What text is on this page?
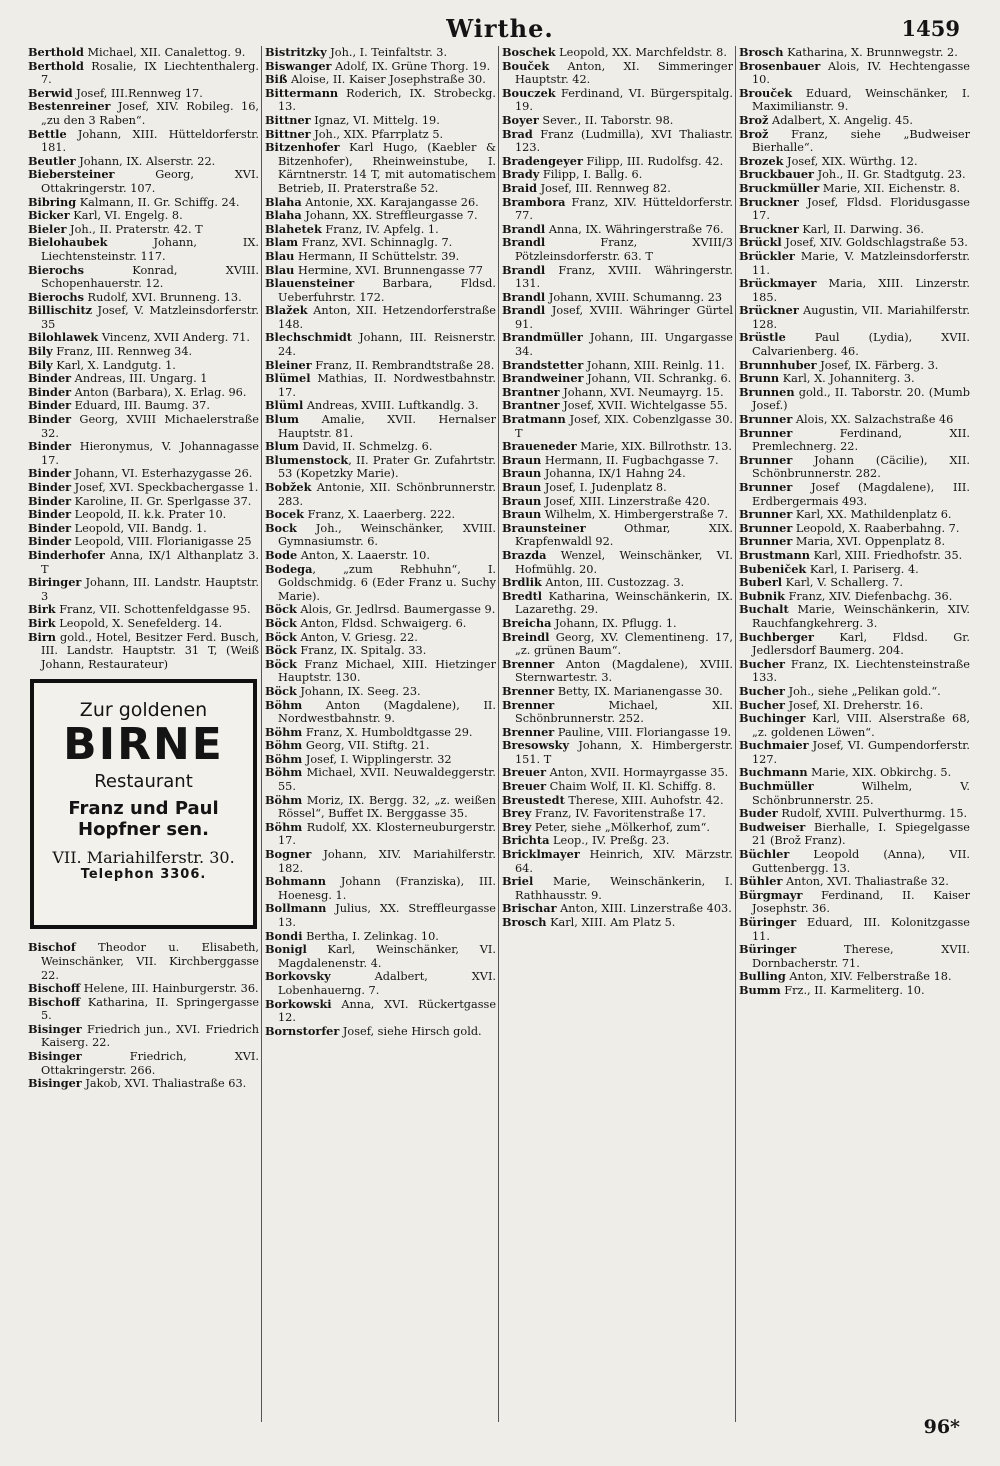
Wirthe.	1459

Berthold Michael, XII. Canalettog. 9.

Berthold Rosalie, IX Liechtenthalerg. 7.

Berwid Josef, III.Rennweg 17.

Bestenreiner Josef, XIV. Robileg. 16, „zu den 3 Raben“.

Bettle Johann, XIII. Hütteldorferstr. 181.

Beutler Johann, IX. Alserstr. 22.

Biebersteiner Georg, XVI. Ottakringerstr. 107.

Bibring Kalmann, II. Gr. Schiffg. 24.

Bicker Karl, VI. Engelg. 8.

Bieler Joh., II. Praterstr. 42. T

Bielohaubek Johann, IX. Liechtensteinstr. 117.

Bierochs Konrad, XVIII. Schopenhauerstr. 12.

Bierochs Rudolf, XVI. Brunneng. 13.

Billischitz Josef, V. Matzleinsdorferstr. 35

Bilohlawek Vincenz, XVII Anderg. 71.

Bily Franz, III. Rennweg 34.

Bily Karl, X. Landgutg. 1.

Binder Andreas, III. Ungarg. 1

Binder Anton (Barbara), X. Erlag. 96.

Binder Eduard, III. Baumg. 37.

Binder Georg, XVIII Michaelerstraße 32.

Binder Hieronymus, V. Johannagasse 17.

Binder Johann, VI. Esterhazygasse 26.

Binder Josef, XVI. Speckbachergasse 1.

Binder Karoline, II. Gr. Sperlgasse 37.

Binder Leopold, II. k.k. Prater 10.

Binder Leopold, VII. Bandg. 1.

Binder Leopold, VIII. Florianigasse 25

Binderhofer Anna, IX/1 Althanplatz 3. T

Biringer Johann, III. Landstr. Hauptstr. 3

Birk Franz, VII. Schottenfeldgasse 95.

Birk Leopold, X. Senefelderg. 14.

Birn gold., Hotel, Besitzer Ferd. Busch, III. Landstr. Hauptstr. 31 T, (Weiß Johann, Restaurateur)

Zur goldenen
BIRNE
Restaurant
Franz und Paul
Hopfner sen.
VII. Mariahilferstr. 30.
Telephon 3306.

Bischof Theodor u. Elisabeth, Weinschänker, VII. Kirchberggasse 22.

Bischoff Helene, III. Hainburgerstr. 36.

Bischoff Katharina, II. Springergasse 5.

Bisinger Friedrich jun., XVI. Friedrich Kaiserg. 22.

Bisinger Friedrich, XVI. Ottakringerstr. 266.

Bisinger Jakob, XVI. Thaliastraße 63.

Bistritzky Joh., I. Teinfaltstr. 3.

Biswanger Adolf, IX. Grüne Thorg. 19.

Biß Aloise, II. Kaiser Josephstraße 30.

Bittermann Roderich, IX. Strobeckg. 13.

Bittner Ignaz, VI. Mittelg. 19.

Bittner Joh., XIX. Pfarrplatz 5.

Bitzenhofer Karl Hugo, (Kaebler & Bitzenhofer), Rheinweinstube, I. Kärntnerstr. 14 T, mit automatischem Betrieb, II. Praterstraße 52.

Blaha Antonie, XX. Karajangasse 26.

Blaha Johann, XX. Streffleurgasse 7.

Blahetek Franz, IV. Apfelg. 1.

Blam Franz, XVI. Schinnaglg. 7.

Blau Hermann, II Schüttelstr. 39.

Blau Hermine, XVI. Brunnengasse 77

Blauensteiner Barbara, Fldsd. Ueberfuhrstr. 172.

Blažek Anton, XII. Hetzendorferstraße 148.

Blechschmidt Johann, III. Reisnerstr. 24.

Bleiner Franz, II. Rembrandtstraße 28.

Blümel Mathias, II. Nordwestbahnstr. 17.

Blüml Andreas, XVIII. Luftkandlg. 3.

Blum Amalie, XVII. Hernalser Hauptstr. 81.

Blum David, II. Schmelzg. 6.

Blumenstock, II. Prater Gr. Zufahrtstr. 53 (Kopetzky Marie).

Bobžek Antonie, XII. Schönbrunnerstr. 283.

Bocek Franz, X. Laaerberg. 222.

Bock Joh., Weinschänker, XVIII. Gymnasiumstr. 6.

Bode Anton, X. Laaerstr. 10.

Bodega, „zum Rebhuhn“, I. Goldschmidg. 6 (Eder Franz u. Suchy Marie).

Böck Alois, Gr. Jedlrsd. Baumergasse 9.

Böck Anton, Fldsd. Schwaigerg. 6.

Böck Anton, V. Griesg. 22.

Böck Franz, IX. Spitalg. 33.

Böck Franz Michael, XIII. Hietzinger Hauptstr. 130.

Böck Johann, IX. Seeg. 23.

Böhm Anton (Magdalene), II. Nordwestbahnstr. 9.

Böhm Franz, X. Humboldtgasse 29.

Böhm Georg, VII. Stiftg. 21.

Böhm Josef, I. Wipplingerstr. 32

Böhm Michael, XVII. Neuwaldeggerstr. 55.

Böhm Moriz, IX. Bergg. 32, „z. weißen Rössel“, Buffet IX. Berggasse 35.

Böhm Rudolf, XX. Klosterneuburgerstr. 17.

Bogner Johann, XIV. Mariahilferstr. 182.

Bohmann Johann (Franziska), III. Hoenesg. 1.

Bollmann Julius, XX. Streffleurgasse 13.

Bondi Bertha, I. Zelinkag. 10.

Bonigl Karl, Weinschänker, VI. Magdalenenstr. 4.

Borkovsky Adalbert, XVI. Lobenhauerng. 7.

Borkowski Anna, XVI. Rückertgasse 12.

Bornstorfer Josef, siehe Hirsch gold.

Boschek Leopold, XX. Marchfeldstr. 8.

Bouček Anton, XI. Simmeringer Hauptstr. 42.

Bouczek Ferdinand, VI. Bürgerspitalg. 19.

Boyer Sever., II. Taborstr. 98.

Brad Franz (Ludmilla), XVI Thaliastr. 123.

Bradengeyer Filipp, III. Rudolfsg. 42.

Brady Filipp, I. Ballg. 6.

Braid Josef, III. Rennweg 82.

Brambora Franz, XIV. Hütteldorferstr. 77.

Brandl Anna, IX. Währingerstraße 76.

Brandl Franz, XVIII/3 Pötzleinsdorferstr. 63. T

Brandl Franz, XVIII. Währingerstr. 131.

Brandl Johann, XVIII. Schumanng. 23

Brandl Josef, XVIII. Währinger Gürtel 91.

Brandmüller Johann, III. Ungargasse 34.

Brandstetter Johann, XIII. Reinlg. 11.

Brandweiner Johann, VII. Schrankg. 6.

Brantner Johann, XVI. Neumayrg. 15.

Brantner Josef, XVII. Wichtelgasse 55.

Bratmann Josef, XIX. Cobenzlgasse 30. T

Braueneder Marie, XIX. Billrothstr. 13.

Braun Hermann, II. Fugbachgasse 7.

Braun Johanna, IX/1 Hahng 24.

Braun Josef, I. Judenplatz 8.

Braun Josef, XIII. Linzerstraße 420.

Braun Wilhelm, X. Himbergerstraße 7.

Braunsteiner Othmar, XIX. Krapfenwaldl 92.

Brazda Wenzel, Weinschänker, VI. Hofmühlg. 20.

Brdlik Anton, III. Custozzag. 3.

Bredtl Katharina, Weinschänkerin, IX. Lazarethg. 29.

Breicha Johann, IX. Pflugg. 1.

Breindl Georg, XV. Clementineng. 17, „z. grünen Baum“.

Brenner Anton (Magdalene), XVIII. Sternwartestr. 3.

Brenner Betty, IX. Marianengasse 30.

Brenner Michael, XII. Schönbrunnerstr. 252.

Brenner Pauline, VIII. Floriangasse 19.

Bresowsky Johann, X. Himbergerstr. 151. T

Breuer Anton, XVII. Hormayrgasse 35.

Breuer Chaim Wolf, II. Kl. Schiffg. 8.

Breustedt Therese, XIII. Auhofstr. 42.

Brey Franz, IV. Favoritenstraße 17.

Brey Peter, siehe „Mölkerhof, zum“.

Brichta Leop., IV. Preßg. 23.

Bricklmayer Heinrich, XIV. Märzstr. 64.

Briel Marie, Weinschänkerin, I. Rathhausstr. 9.

Brischar Anton, XIII. Linzerstraße 403.

Brosch Karl, XIII. Am Platz 5.

Brosch Katharina, X. Brunnwegstr. 2.

Brosenbauer Alois, IV. Hechtengasse 10.

Brouček Eduard, Weinschänker, I. Maximilianstr. 9.

Brož Adalbert, X. Angelig. 45.

Brož Franz, siehe „Budweiser Bierhalle“.

Brozek Josef, XIX. Würthg. 12.

Bruckbauer Joh., II. Gr. Stadtgutg. 23.

Bruckmüller Marie, XII. Eichenstr. 8.

Bruckner Josef, Fldsd. Floridusgasse 17.

Bruckner Karl, II. Darwing. 36.

Brückl Josef, XIV. Goldschlagstraße 53.

Brückler Marie, V. Matzleinsdorferstr. 11.

Brückmayer Maria, XIII. Linzerstr. 185.

Brückner Augustin, VII. Mariahilferstr. 128.

Brüstle Paul (Lydia), XVII. Calvarienberg. 46.

Brunnhuber Josef, IX. Färberg. 3.

Brunn Karl, X. Johanniterg. 3.

Brunnen gold., II. Taborstr. 20. (Mumb Josef.)

Brunner Alois, XX. Salzachstraße 46

Brunner Ferdinand, XII. Premlechnerg. 22.

Brunner Johann (Cäcilie), XII. Schönbrunnerstr. 282.

Brunner Josef (Magdalene), III. Erdbergermais 493.

Brunner Karl, XX. Mathildenplatz 6.

Brunner Leopold, X. Raaberbahng. 7.

Brunner Maria, XVI. Oppenplatz 8.

Brustmann Karl, XIII. Friedhofstr. 35.

Bubeniček Karl, I. Pariserg. 4.

Buberl Karl, V. Schallerg. 7.

Bubnik Franz, XIV. Diefenbachg. 36.

Buchalt Marie, Weinschänkerin, XIV. Rauchfangkehrerg. 3.

Buchberger Karl, Fldsd. Gr. Jedlersdorf Baumerg. 204.

Bucher Franz, IX. Liechtensteinstraße 133.

Bucher Joh., siehe „Pelikan gold.“.

Bucher Josef, XI. Dreherstr. 16.

Buchinger Karl, VIII. Alserstraße 68, „z. goldenen Löwen“.

Buchmaier Josef, VI. Gumpendorferstr. 127.

Buchmann Marie, XIX. Obkirchg. 5.

Buchmüller Wilhelm, V. Schönbrunnerstr. 25.

Buder Rudolf, XVIII. Pulverthurmg. 15.

Budweiser Bierhalle, I. Spiegelgasse 21 (Brož Franz).

Büchler Leopold (Anna), VII. Guttenbergg. 13.

Bühler Anton, XVI. Thaliastraße 32.

Bürgmayr Ferdinand, II. Kaiser Josephstr. 36.

Büringer Eduard, III. Kolonitzgasse 11.

Büringer Therese, XVII. Dornbacherstr. 71.

Bulling Anton, XIV. Felberstraße 18.

Bumm Frz., II. Karmeliterg. 10.

96*
